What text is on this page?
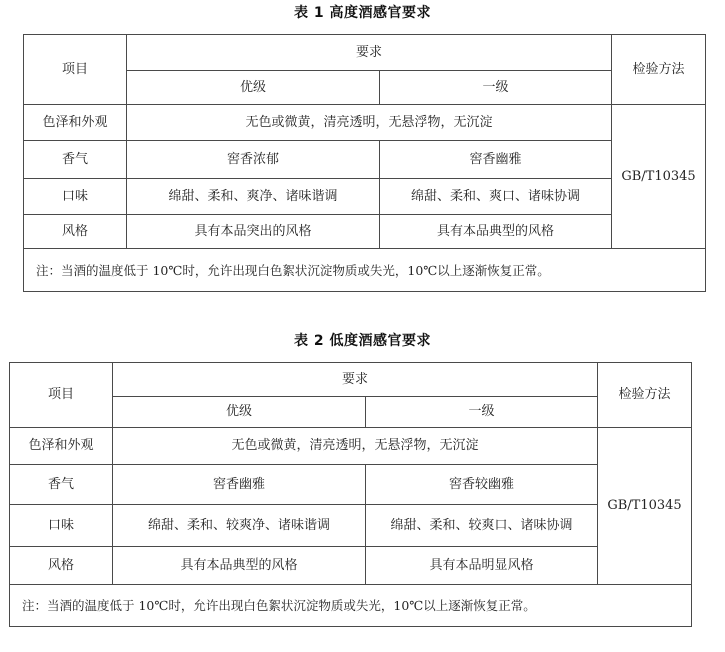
表 1 高度酒感官要求
项目	要求		检验方法
	优级	一级	
色泽和外观	无色或微黄，清亮透明，无悬浮物，无沉淀		GB/T10345
香气	窖香浓郁	窖香幽雅	
口味	绵甜、柔和、爽净、诸味谐调	绵甜、柔和、爽口、诸味协调	
风格	具有本品突出的风格	具有本品典型的风格	
注：当酒的温度低于 10℃时，允许出现白色絮状沉淀物质或失光，10℃以上逐渐恢复正常。			
表 2 低度酒感官要求
项目	要求		检验方法
	优级	一级	
色泽和外观	无色或微黄，清亮透明，无悬浮物，无沉淀		GB/T10345
香气	窖香幽雅	窖香较幽雅	
口味	绵甜、柔和、较爽净、诸味谐调	绵甜、柔和、较爽口、诸味协调	
风格	具有本品典型的风格	具有本品明显风格	
注：当酒的温度低于 10℃时，允许出现白色絮状沉淀物质或失光，10℃以上逐渐恢复正常。			
